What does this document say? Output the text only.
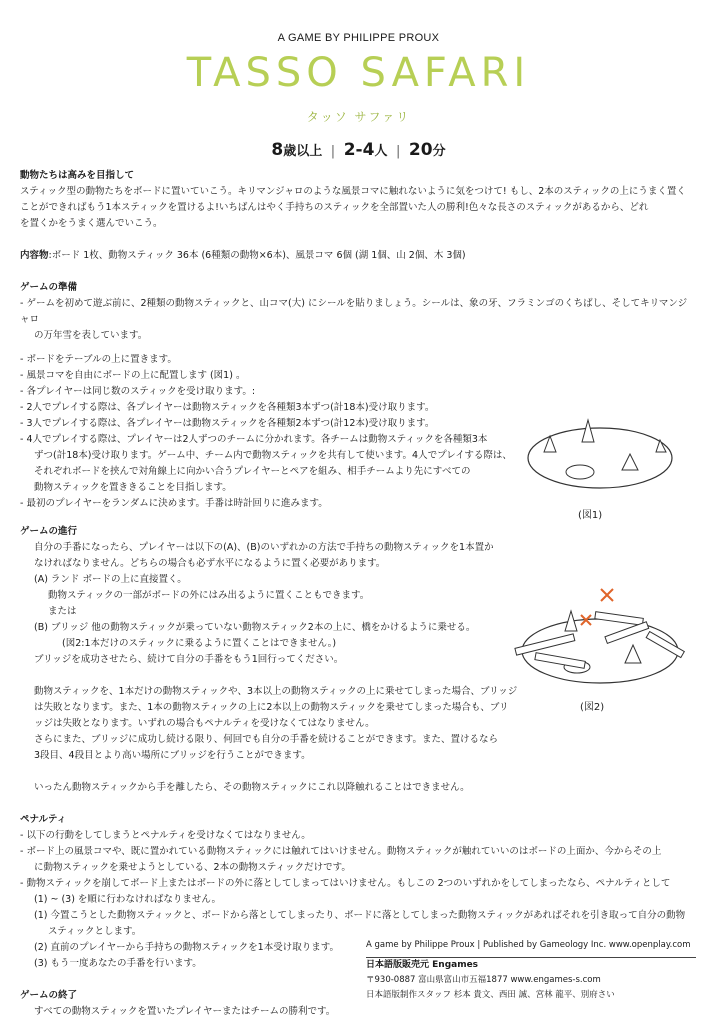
A GAME BY PHILIPPE PROUX
TASSO SAFARI
タッソ サファリ
8歳以上 | 2-4人 | 20分

動物たちは高みを目指して

スティック型の動物たちをボードに置いていこう。キリマンジャロのような風景コマに触れないように気をつけて! もし、2本のスティックの上にうまく置く

ことができればもう1本スティックを置けるよ!いちばんはやく手持ちのスティックを全部置いた人の勝利!色々な長さのスティックがあるから、どれ

を置くかをうまく選んでいこう。

内容物:ボード 1枚、動物スティック 36本 (6種類の動物×6本)、風景コマ 6個 (湖 1個、山 2個、木 3個)

ゲームの準備

- ゲームを初めて遊ぶ前に、2種類の動物スティックと、山コマ(大) にシールを貼りましょう。シールは、象の牙、フラミンゴのくちばし、そしてキリマンジャロ

の万年雪を表しています。

- ボードをテーブルの上に置きます。

- 風景コマを自由にボードの上に配置します (図1) 。

- 各プレイヤーは同じ数のスティックを受け取ります。:

- 2人でプレイする際は、各プレイヤーは動物スティックを各種類3本ずつ(計18本)受け取ります。

- 3人でプレイする際は、各プレイヤーは動物スティックを各種類2本ずつ(計12本)受け取ります。

- 4人でプレイする際は、プレイヤーは2人ずつのチームに分かれます。各チームは動物スティックを各種類3本

ずつ(計18本)受け取ります。ゲーム中、チーム内で動物スティックを共有して使います。4人でプレイする際は、

それぞれボードを挟んで対角線上に向かい合うプレイヤーとペアを組み、相手チームより先にすべての

動物スティックを置ききることを目指します。

- 最初のプレイヤーをランダムに決めます。手番は時計回りに進みます。

ゲームの進行

自分の手番になったら、プレイヤーは以下の(A)、(B)のいずれかの方法で手持ちの動物スティックを1本置か

なければなりません。どちらの場合も必ず水平になるように置く必要があります。

(A) ランド ボードの上に直接置く。

動物スティックの一部がボードの外にはみ出るように置くこともできます。

または

(B) ブリッジ 他の動物スティックが乗っていない動物スティック2本の上に、橋をかけるように乗せる。

(図2:1本だけのスティックに乗るように置くことはできません。)

ブリッジを成功させたら、続けて自分の手番をもう1回行ってください。

動物スティックを、1本だけの動物スティックや、3本以上の動物スティックの上に乗せてしまった場合、ブリッジ

は失敗となります。また、1本の動物スティックの上に2本以上の動物スティックを乗せてしまった場合も、ブリ

ッジは失敗となります。いずれの場合もペナルティを受けなくてはなりません。

さらにまた、ブリッジに成功し続ける限り、何回でも自分の手番を続けることができます。また、置けるなら

3段目、4段目とより高い場所にブリッジを行うことができます。

いったん動物スティックから手を離したら、その動物スティックにこれ以降触れることはできません。

ペナルティ

- 以下の行動をしてしまうとペナルティを受けなくてはなりません。

- ボード上の風景コマや、既に置かれている動物スティックには触れてはいけません。動物スティックが触れていいのはボードの上面か、今からその上

に動物スティックを乗せようとしている、2本の動物スティックだけです。

- 動物スティックを崩してボード上またはボードの外に落としてしまってはいけません。もしこの 2つのいずれかをしてしまったなら、ペナルティとして

(1) ~ (3) を順に行わなければなりません。

(1) 今置こうとした動物スティックと、ボードから落としてしまったり、ボードに落としてしまった動物スティックがあればそれを引き取って自分の動物

スティックとします。

(2) 直前のプレイヤーから手持ちの動物スティックを1本受け取ります。

(3) もう一度あなたの手番を行います。

ゲームの終了

すべての動物スティックを置いたプレイヤーまたはチームの勝利です。

(図1)
(図2)
A game by Philippe Proux | Published by Gameology Inc. www.openplay.com
日本語版販売元 Engames
〒930-0887 富山県富山市五福1877 www.engames-s.com
日本語版制作スタッフ 杉本 貴文、西田 誠、宮林 龍平、別府さい
